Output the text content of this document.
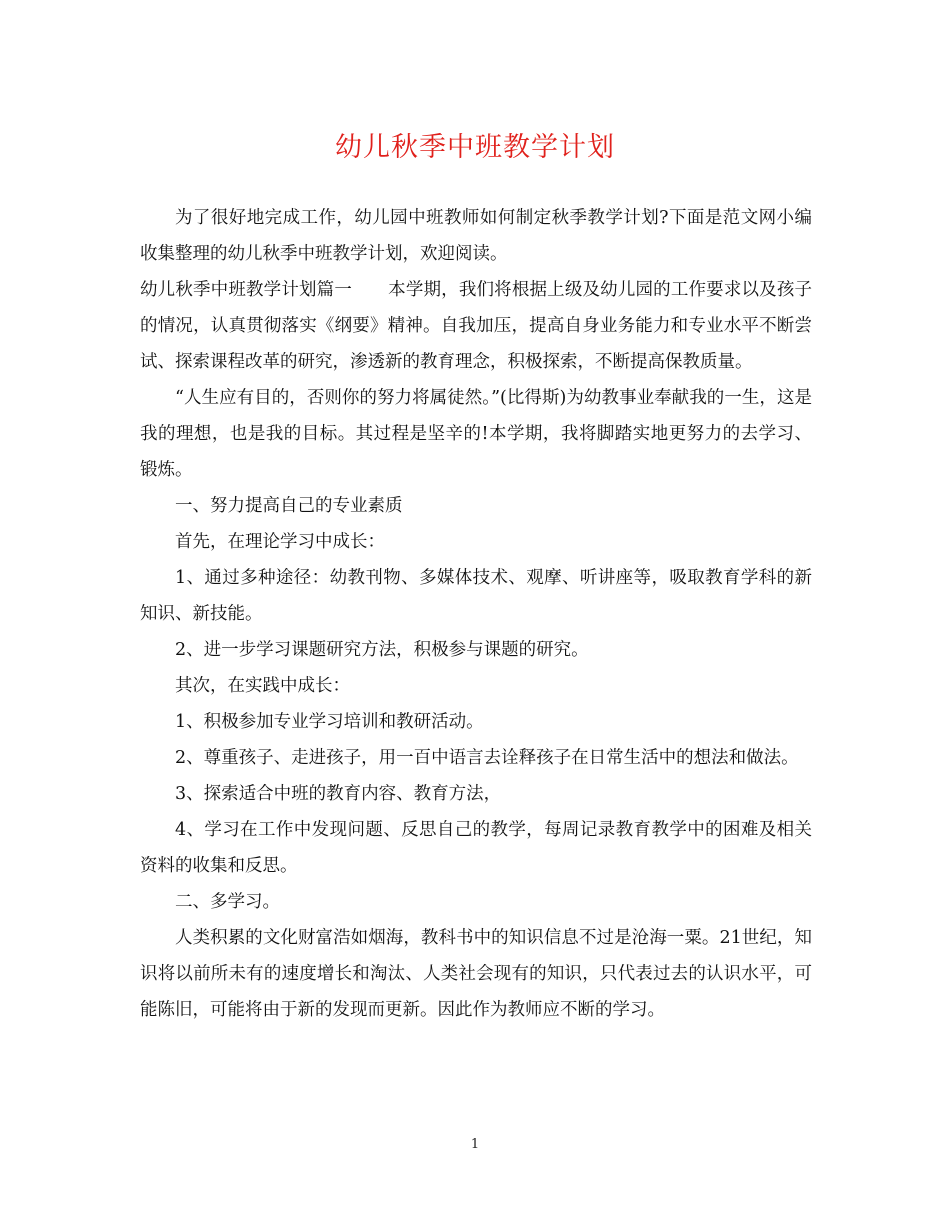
幼儿秋季中班教学计划

为了很好地完成工作，幼儿园中班教师如何制定秋季教学计划?下面是范文网小编收集整理的幼儿秋季中班教学计划，欢迎阅读。

幼儿秋季中班教学计划篇一 本学期，我们将根据上级及幼儿园的工作要求以及孩子的情况，认真贯彻落实《纲要》精神。自我加压，提高自身业务能力和专业水平不断尝试、探索课程改革的研究，渗透新的教育理念，积极探索，不断提高保教质量。

“人生应有目的，否则你的努力将属徒然。”(比得斯)为幼教事业奉献我的一生，这是我的理想，也是我的目标。其过程是坚辛的!本学期，我将脚踏实地更努力的去学习、锻炼。

一、努力提高自己的专业素质

首先，在理论学习中成长：

1、通过多种途径：幼教刊物、多媒体技术、观摩、听讲座等，吸取教育学科的新知识、新技能。

2、进一步学习课题研究方法，积极参与课题的研究。

其次，在实践中成长：

1、积极参加专业学习培训和教研活动。

2、尊重孩子、走进孩子，用一百中语言去诠释孩子在日常生活中的想法和做法。

3、探索适合中班的教育内容、教育方法，

4、学习在工作中发现问题、反思自己的教学，每周记录教育教学中的困难及相关资料的收集和反思。

二、多学习。

人类积累的文化财富浩如烟海，教科书中的知识信息不过是沧海一粟。21世纪，知识将以前所未有的速度增长和淘汰、人类社会现有的知识，只代表过去的认识水平，可能陈旧，可能将由于新的发现而更新。因此作为教师应不断的学习。

1
